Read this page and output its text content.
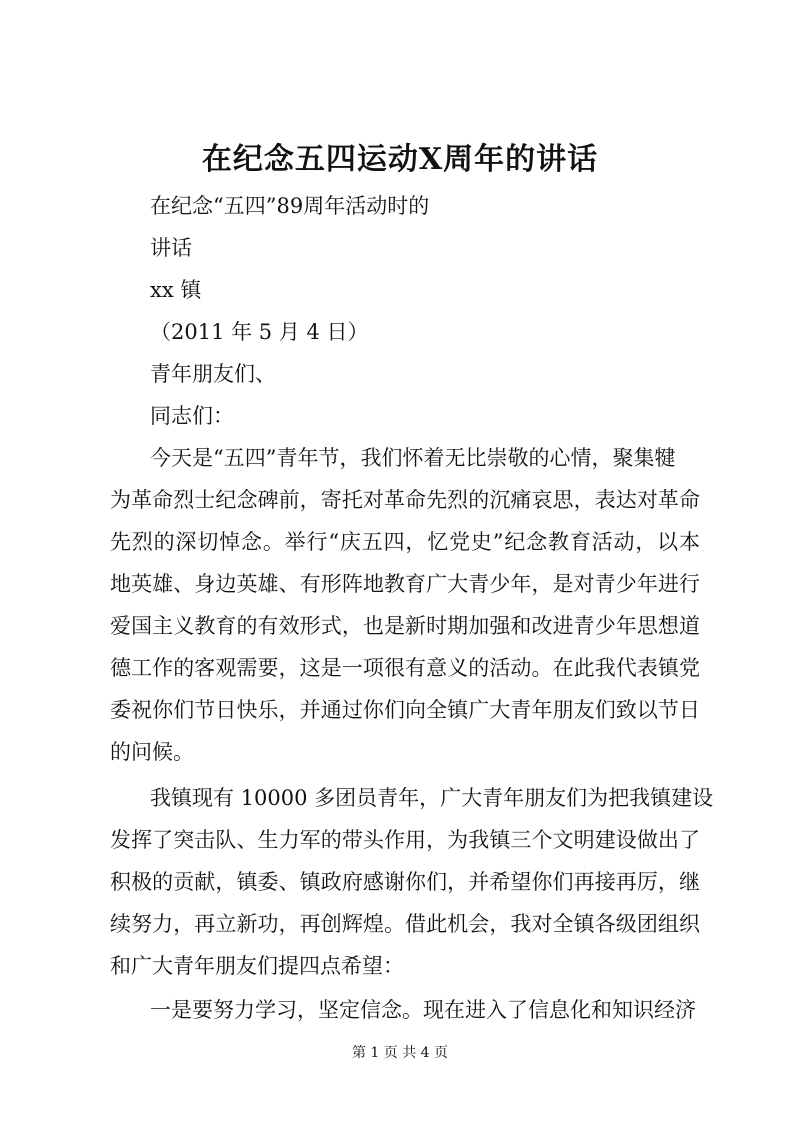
在纪念五四运动X周年的讲话
在纪念“五四”89周年活动时的
讲话
xx 镇
（2011 年 5 月 4 日）
青年朋友们、
同志们：
今天是“五四”青年节，我们怀着无比崇敬的心情，聚集犍
为革命烈士纪念碑前，寄托对革命先烈的沉痛哀思，表达对革命
先烈的深切悼念。举行“庆五四，忆党史”纪念教育活动，以本
地英雄、身边英雄、有形阵地教育广大青少年，是对青少年进行
爱国主义教育的有效形式，也是新时期加强和改进青少年思想道
德工作的客观需要，这是一项很有意义的活动。在此我代表镇党
委祝你们节日快乐，并通过你们向全镇广大青年朋友们致以节日
的问候。
我镇现有 10000 多团员青年，广大青年朋友们为把我镇建设
发挥了突击队、生力军的带头作用，为我镇三个文明建设做出了
积极的贡献，镇委、镇政府感谢你们，并希望你们再接再厉，继
续努力，再立新功，再创辉煌。借此机会，我对全镇各级团组织
和广大青年朋友们提四点希望：
一是要努力学习，坚定信念。现在进入了信息化和知识经济
第 1 页 共 4 页
